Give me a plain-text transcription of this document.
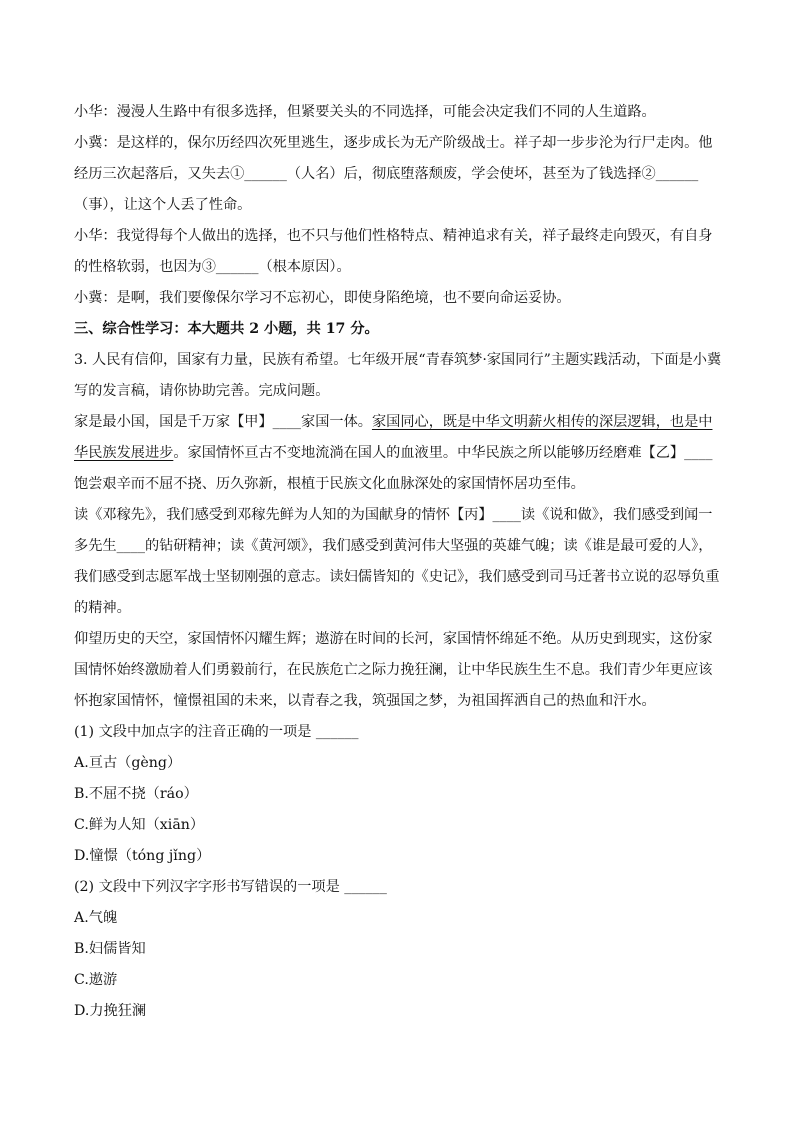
小华：漫漫人生路中有很多选择，但紧要关头的不同选择，可能会决定我们不同的人生道路。
小冀：是这样的，保尔历经四次死里逃生，逐步成长为无产阶级战士。祥子却一步步沦为行尸走肉。他经历三次起落后，又失去①______（人名）后，彻底堕落颓废，学会使坏，甚至为了钱选择②______（事），让这个人丢了性命。
小华：我觉得每个人做出的选择，也不只与他们性格特点、精神追求有关，祥子最终走向毁灭，有自身的性格软弱，也因为③______（根本原因）。
小冀：是啊，我们要像保尔学习不忘初心，即使身陷绝境，也不要向命运妥协。
三、综合性学习：本大题共 2 小题，共 17 分。
3. 人民有信仰，国家有力量，民族有希望。七年级开展“青春筑梦·家国同行”主题实践活动，下面是小冀写的发言稿，请你协助完善。完成问题。
家是最小国，国是千万家【甲】____家国一体。家国同心，既是中华文明薪火相传的深层逻辑，也是中华民族发展进步。家国情怀亘古不变地流淌在国人的血液里。中华民族之所以能够历经磨难【乙】____饱尝艰辛而不屈不挠、历久弥新，根植于民族文化血脉深处的家国情怀居功至伟。
读《邓稼先》，我们感受到邓稼先鲜为人知的为国献身的情怀【丙】____读《说和做》，我们感受到闻一多先生____的钻研精神；读《黄河颂》，我们感受到黄河伟大坚强的英雄气魄；读《谁是最可爱的人》，我们感受到志愿军战士坚韧刚强的意志。读妇儒皆知的《史记》，我们感受到司马迁著书立说的忍辱负重的精神。
仰望历史的天空，家国情怀闪耀生辉；遨游在时间的长河，家国情怀绵延不绝。从历史到现实，这份家国情怀始终激励着人们勇毅前行，在民族危亡之际力挽狂澜，让中华民族生生不息。我们青少年更应该怀抱家国情怀，憧憬祖国的未来，以青春之我，筑强国之梦，为祖国挥洒自己的热血和汗水。
(1) 文段中加点字的注音正确的一项是 ______
A.亘古（gèng）
B.不屈不挠（ráo）
C.鲜为人知（xiān）
D.憧憬（tóng jǐng）
(2) 文段中下列汉字字形书写错误的一项是 ______
A.气魄
B.妇儒皆知
C.遨游
D.力挽狂澜
